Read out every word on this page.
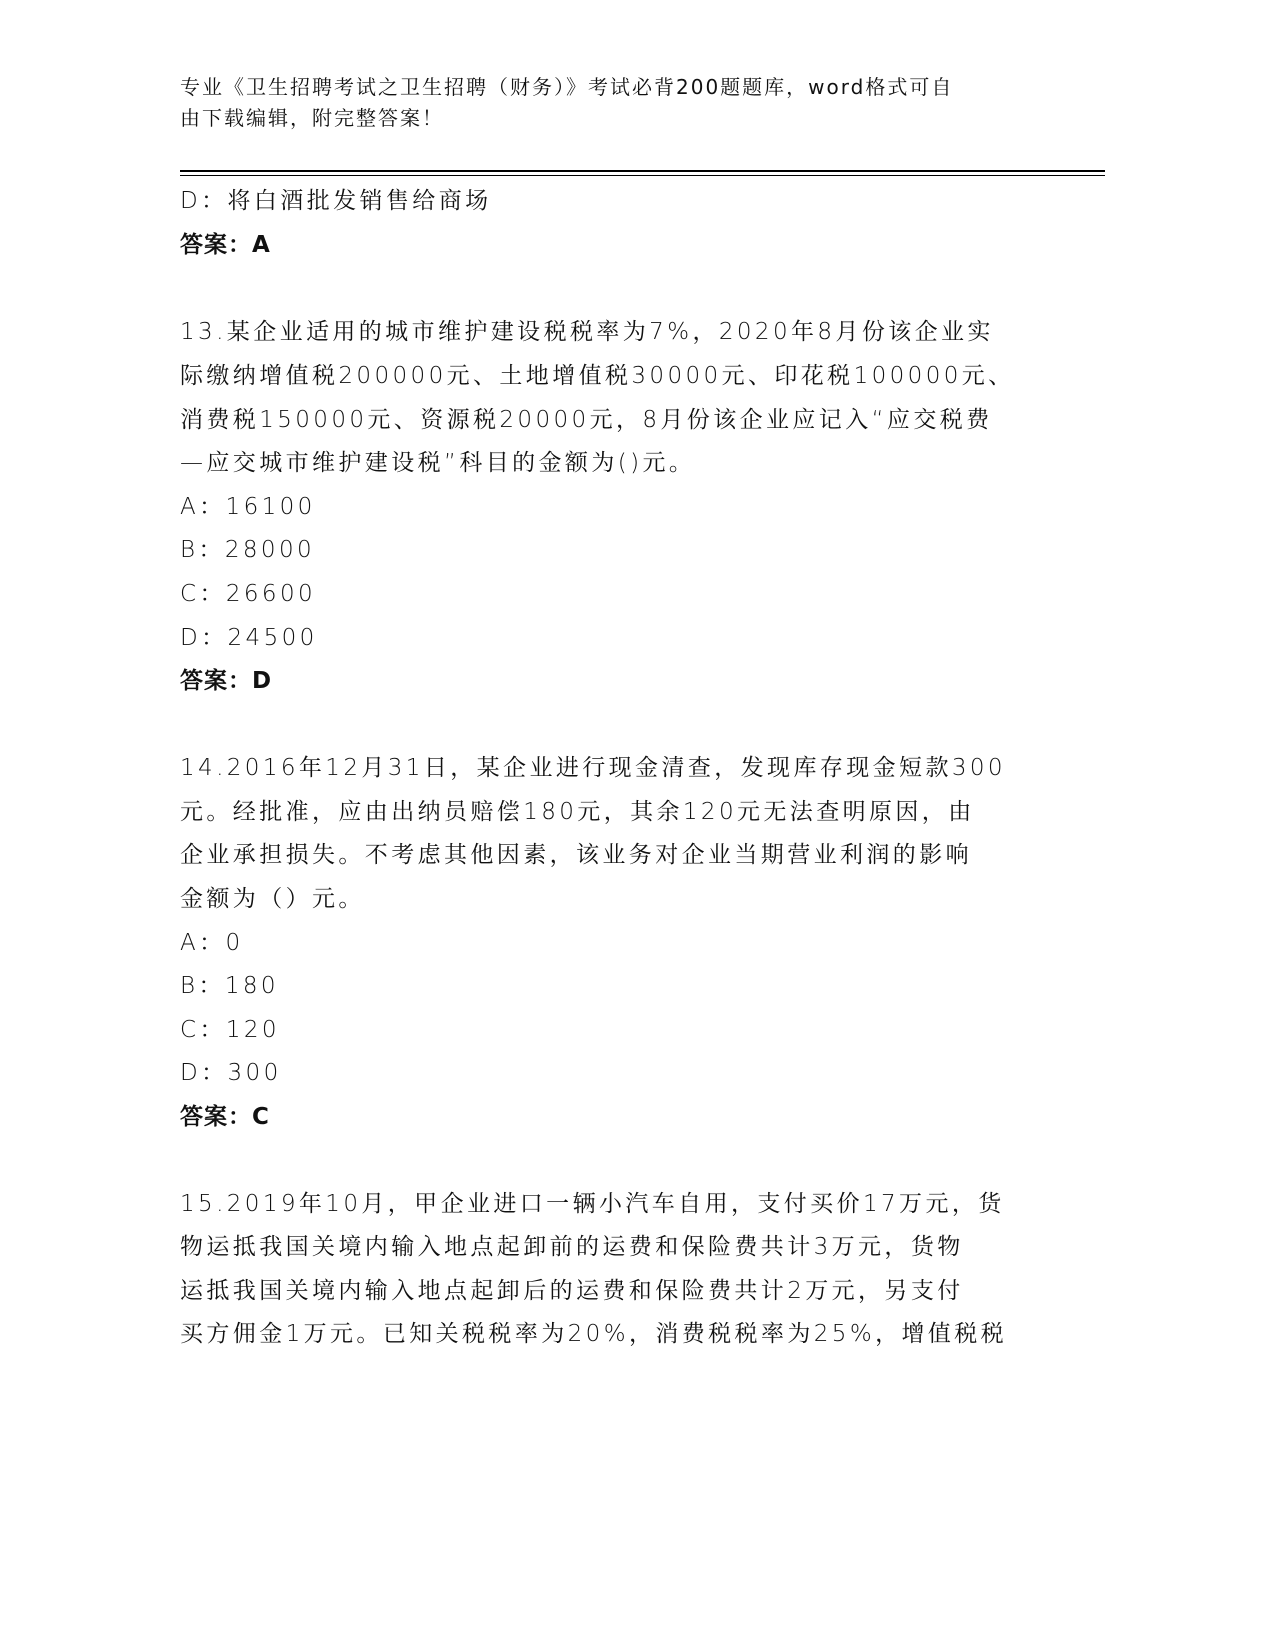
专业《卫生招聘考试之卫生招聘（财务）》考试必背200题题库，word格式可自
由下载编辑，附完整答案！
D：将白酒批发销售给商场
答案：A
13.某企业适用的城市维护建设税税率为7%，2020年8月份该企业实
际缴纳增值税200000元、土地增值税30000元、印花税100000元、
消费税150000元、资源税20000元，8月份该企业应记入“应交税费
—应交城市维护建设税”科目的金额为()元。
A：16100
B：28000
C：26600
D：24500
答案：D
14.2016年12月31日，某企业进行现金清查，发现库存现金短款300
元。经批准，应由出纳员赔偿180元，其余120元无法查明原因，由
企业承担损失。不考虑其他因素，该业务对企业当期营业利润的影响
金额为（）元。
A：0
B：180
C：120
D：300
答案：C
15.2019年10月，甲企业进口一辆小汽车自用，支付买价17万元，货
物运抵我国关境内输入地点起卸前的运费和保险费共计3万元，货物
运抵我国关境内输入地点起卸后的运费和保险费共计2万元，另支付
买方佣金1万元。已知关税税率为20%，消费税税率为25%，增值税税
